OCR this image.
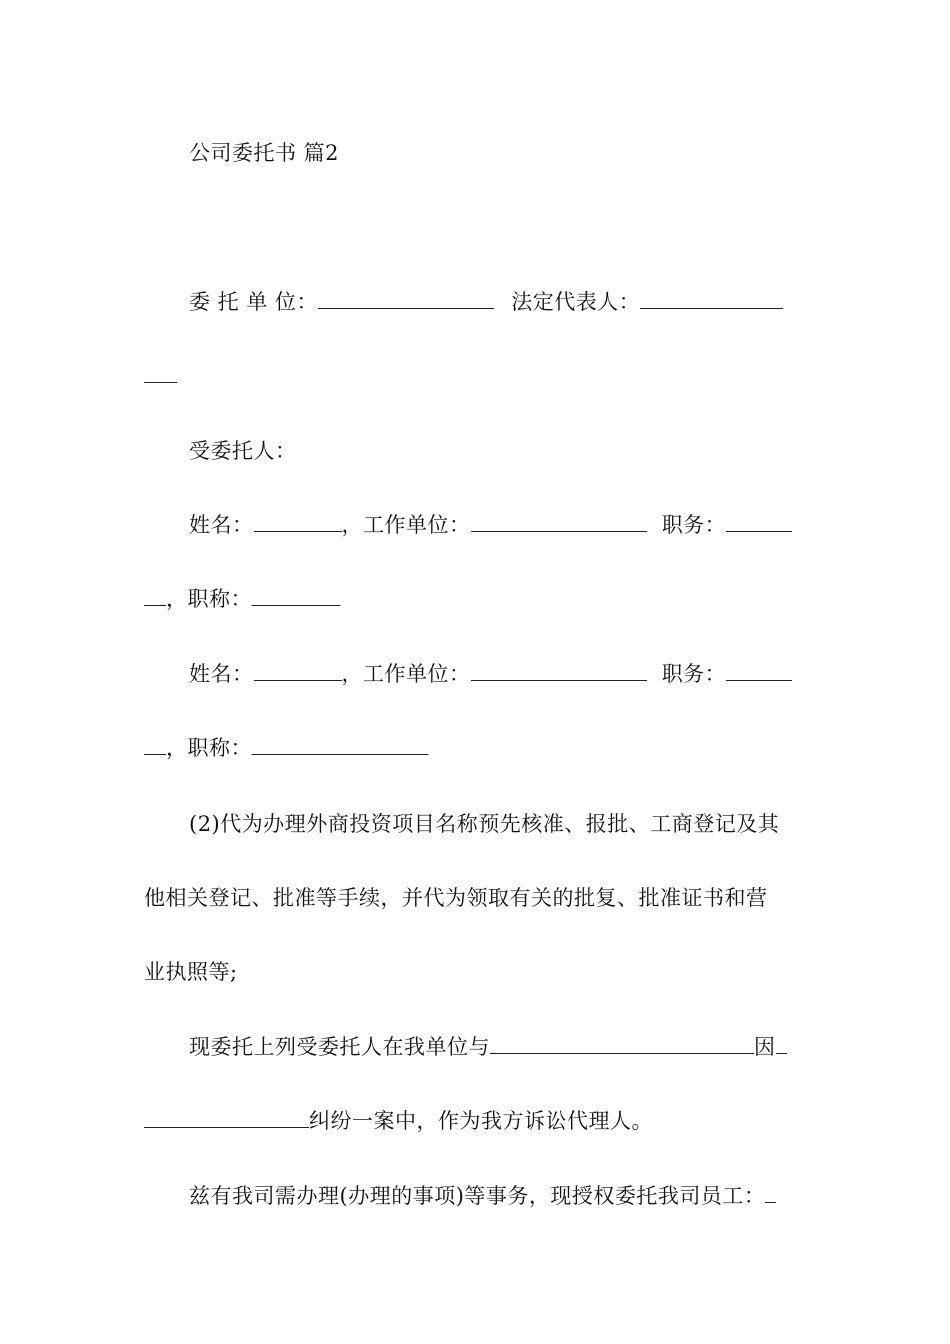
公司委托书 篇2
委 托 单 位：	法定代表人：
受委托人：
姓名：	，工作单位：	职务：
，职称：
姓名：	，工作单位：	职务：
，职称：
(2)代为办理外商投资项目名称预先核准、报批、工商登记及其
他相关登记、批准等手续，并代为领取有关的批复、批准证书和营
业执照等;
现委托上列受委托人在我单位与	因
纠纷一案中，作为我方诉讼代理人。
兹有我司需办理(办理的事项)等事务，现授权委托我司员工：
